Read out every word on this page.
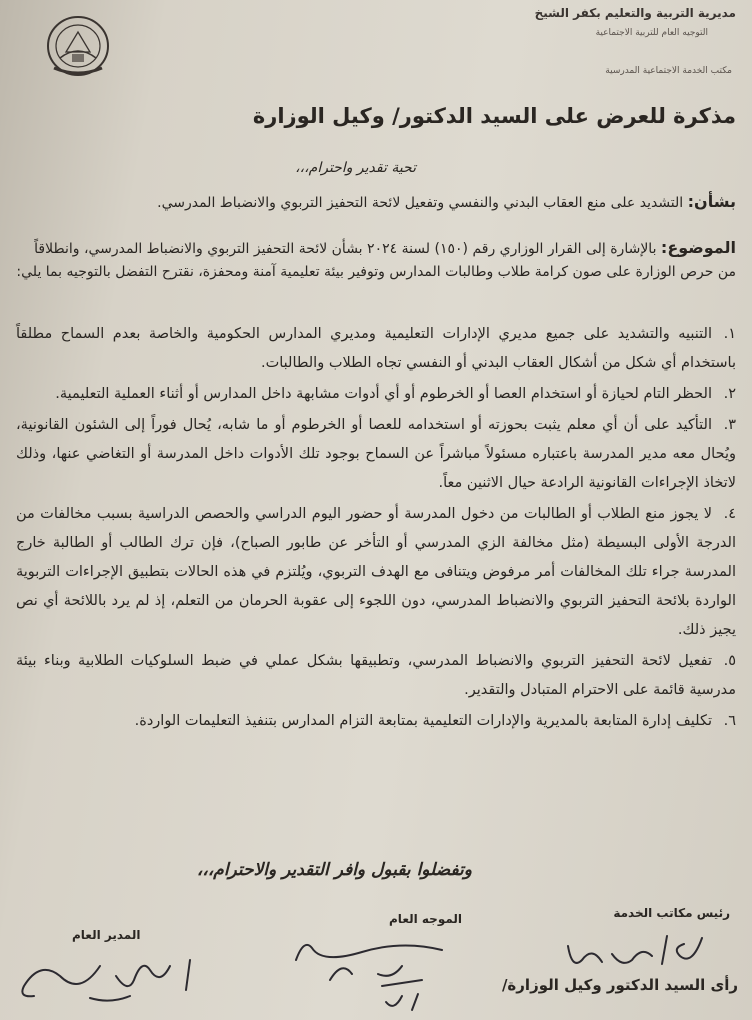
مديرية التربية والتعليم بكفر الشيخ
التوجيه العام للتربية الاجتماعية
مكتب الخدمة الاجتماعية المدرسية
مذكرة للعرض على السيد الدكتور/ وكيل الوزارة
تحية تقدير واحترام،،،
بشأن: التشديد على منع العقاب البدني والنفسي وتفعيل لائحة التحفيز التربوي والانضباط المدرسي.
الموضوع: بالإشارة إلى القرار الوزاري رقم (١٥٠) لسنة ٢٠٢٤ بشأن لائحة التحفيز التربوي والانضباط المدرسي، وانطلاقاً من حرص الوزارة على صون كرامة طلاب وطالبات المدارس وتوفير بيئة تعليمية آمنة ومحفزة، نقترح التفضل بالتوجيه بما يلي:
١.التنبيه والتشديد على جميع مديري الإدارات التعليمية ومديري المدارس الحكومية والخاصة بعدم السماح مطلقاً باستخدام أي شكل من أشكال العقاب البدني أو النفسي تجاه الطلاب والطالبات.
٢.الحظر التام لحيازة أو استخدام العصا أو الخرطوم أو أي أدوات مشابهة داخل المدارس أو أثناء العملية التعليمية.
٣.التأكيد على أن أي معلم يثبت بحوزته أو استخدامه للعصا أو الخرطوم أو ما شابه، يُحال فوراً إلى الشئون القانونية، ويُحال معه مدير المدرسة باعتباره مسئولاً مباشراً عن السماح بوجود تلك الأدوات داخل المدرسة أو التغاضي عنها، وذلك لاتخاذ الإجراءات القانونية الرادعة حيال الاثنين معاً.
٤.لا يجوز منع الطلاب أو الطالبات من دخول المدرسة أو حضور اليوم الدراسي والحصص الدراسية بسبب مخالفات من الدرجة الأولى البسيطة (مثل مخالفة الزي المدرسي أو التأخر عن طابور الصباح)، فإن ترك الطالب أو الطالبة خارج المدرسة جراء تلك المخالفات أمر مرفوض ويتنافى مع الهدف التربوي، ويُلتزم في هذه الحالات بتطبيق الإجراءات التربوية الواردة بلائحة التحفيز التربوي والانضباط المدرسي، دون اللجوء إلى عقوبة الحرمان من التعلم، إذ لم يرد باللائحة أي نص يجيز ذلك.
٥.تفعيل لائحة التحفيز التربوي والانضباط المدرسي، وتطبيقها بشكل عملي في ضبط السلوكيات الطلابية وبناء بيئة مدرسية قائمة على الاحترام المتبادل والتقدير.
٦.تكليف إدارة المتابعة بالمديرية والإدارات التعليمية بمتابعة التزام المدارس بتنفيذ التعليمات الواردة.
وتفضلوا بقبول وافر التقدير والاحترام،،،
رئيس مكاتب الخدمة
الموجه العام
المدير العام
رأى السيد الدكتور وكيل الوزارة/
